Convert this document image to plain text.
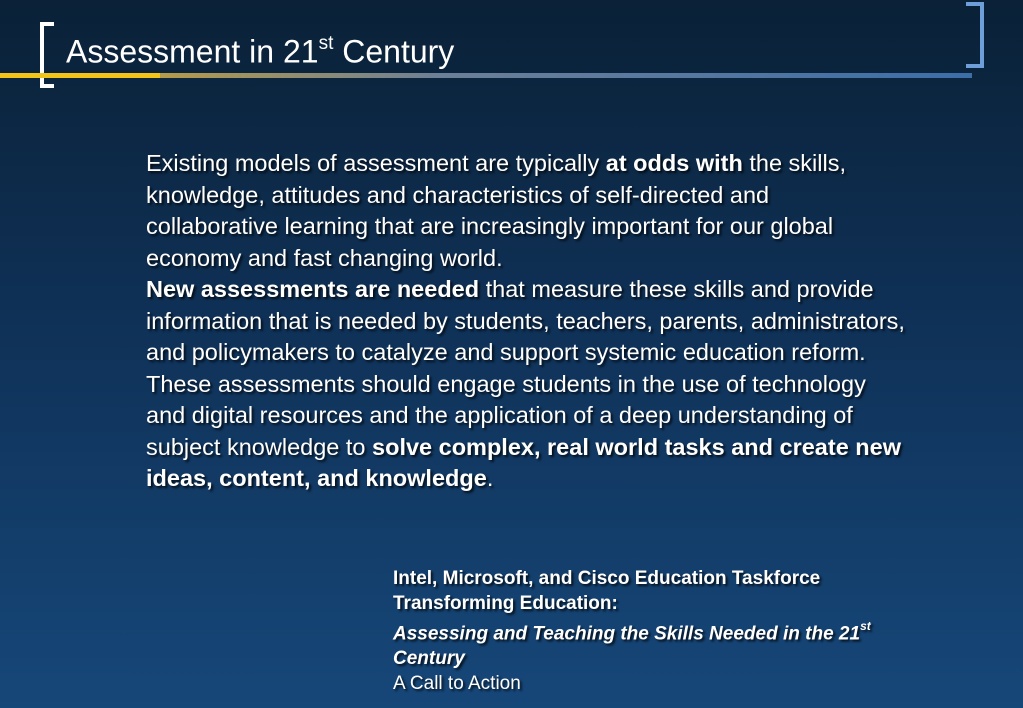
Assessment in 21st Century

Existing models of assessment are typically at odds with the skills, knowledge, attitudes and characteristics of self-directed and collaborative learning that are increasingly important for our global economy and fast changing world.

New assessments are needed that measure these skills and provide information that is needed by students, teachers, parents, administrators, and policymakers to catalyze and support systemic education reform.

These assessments should engage students in the use of technology and digital resources and the application of a deep understanding of subject knowledge to solve complex, real world tasks and create new ideas, content, and knowledge.

Intel, Microsoft, and Cisco Education Taskforce
Transforming Education:
Assessing and Teaching the Skills Needed in the 21st
Century
A Call to Action
